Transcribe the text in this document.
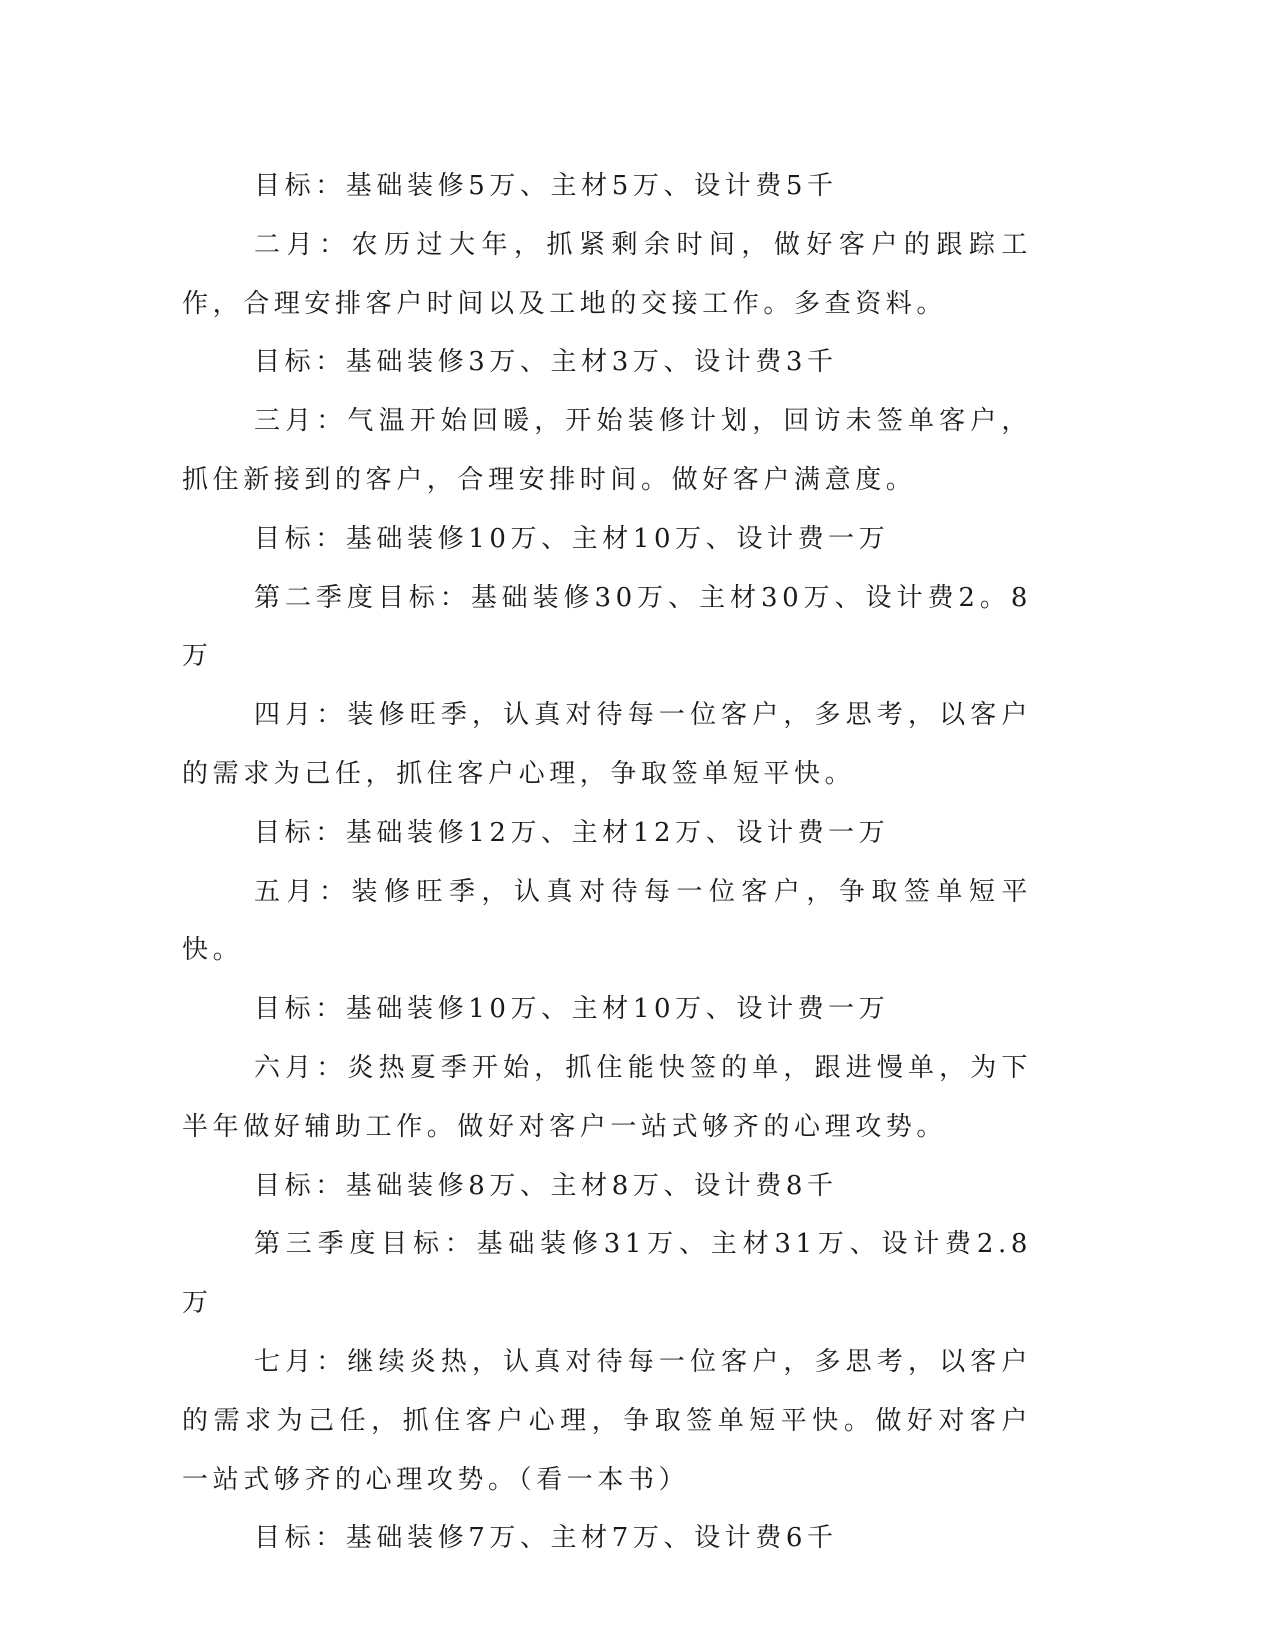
目标：基础装修5万、主材5万、设计费5千

二月：农历过大年，抓紧剩余时间，做好客户的跟踪工作，合理安排客户时间以及工地的交接工作。多查资料。

目标：基础装修3万、主材3万、设计费3千

三月：气温开始回暖，开始装修计划，回访未签单客户，抓住新接到的客户，合理安排时间。做好客户满意度。

目标：基础装修10万、主材10万、设计费一万

第二季度目标：基础装修30万、主材30万、设计费2。8万

四月：装修旺季，认真对待每一位客户，多思考，以客户的需求为己任，抓住客户心理，争取签单短平快。

目标：基础装修12万、主材12万、设计费一万

五月：装修旺季，认真对待每一位客户，争取签单短平快。

目标：基础装修10万、主材10万、设计费一万

六月：炎热夏季开始，抓住能快签的单，跟进慢单，为下半年做好辅助工作。做好对客户一站式够齐的心理攻势。

目标：基础装修8万、主材8万、设计费8千

第三季度目标：基础装修31万、主材31万、设计费2.8万

七月：继续炎热，认真对待每一位客户，多思考，以客户的需求为己任，抓住客户心理，争取签单短平快。做好对客户一站式够齐的心理攻势。（看一本书）

目标：基础装修7万、主材7万、设计费6千
